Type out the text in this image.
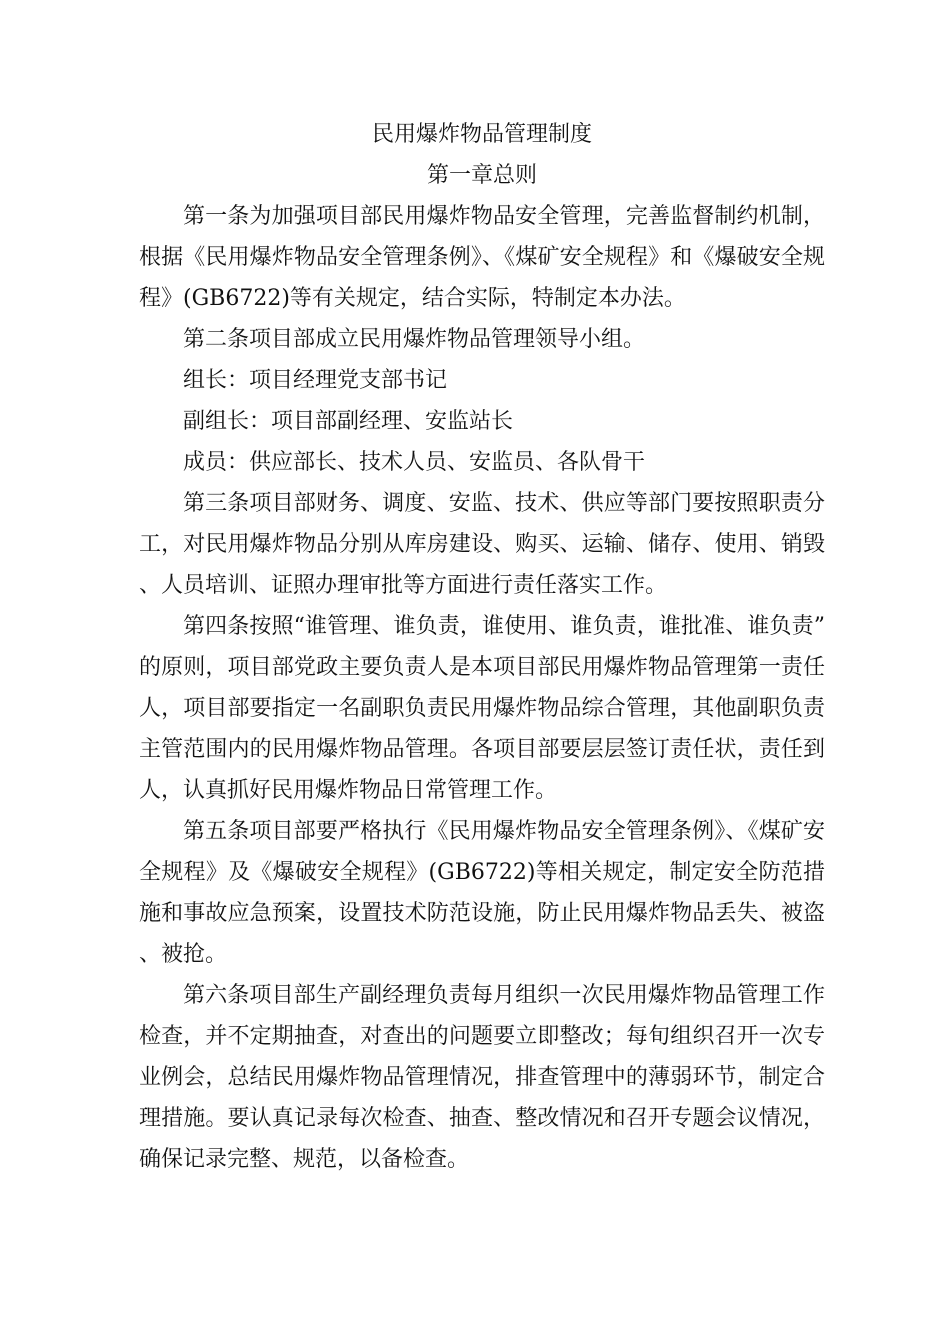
民用爆炸物品管理制度
第一章总则

第一条为加强项目部民用爆炸物品安全管理，完善监督制约机制，根据《民用爆炸物品安全管理条例》、《煤矿安全规程》和《爆破安全规程》(GB6722)等有关规定，结合实际，特制定本办法。

第二条项目部成立民用爆炸物品管理领导小组。

组长：项目经理党支部书记

副组长：项目部副经理、安监站长

成员：供应部长、技术人员、安监员、各队骨干

第三条项目部财务、调度、安监、技术、供应等部门要按照职责分工，对民用爆炸物品分别从库房建设、购买、运输、储存、使用、销毁、人员培训、证照办理审批等方面进行责任落实工作。

第四条按照“谁管理、谁负责，谁使用、谁负责，谁批准、谁负责”的原则，项目部党政主要负责人是本项目部民用爆炸物品管理第一责任人，项目部要指定一名副职负责民用爆炸物品综合管理，其他副职负责主管范围内的民用爆炸物品管理。各项目部要层层签订责任状，责任到人，认真抓好民用爆炸物品日常管理工作。

第五条项目部要严格执行《民用爆炸物品安全管理条例》、《煤矿安全规程》及《爆破安全规程》(GB6722)等相关规定，制定安全防范措施和事故应急预案，设置技术防范设施，防止民用爆炸物品丢失、被盗、被抢。

第六条项目部生产副经理负责每月组织一次民用爆炸物品管理工作检查，并不定期抽查，对查出的问题要立即整改；每旬组织召开一次专业例会，总结民用爆炸物品管理情况，排查管理中的薄弱环节，制定合理措施。要认真记录每次检查、抽查、整改情况和召开专题会议情况，确保记录完整、规范，以备检查。
